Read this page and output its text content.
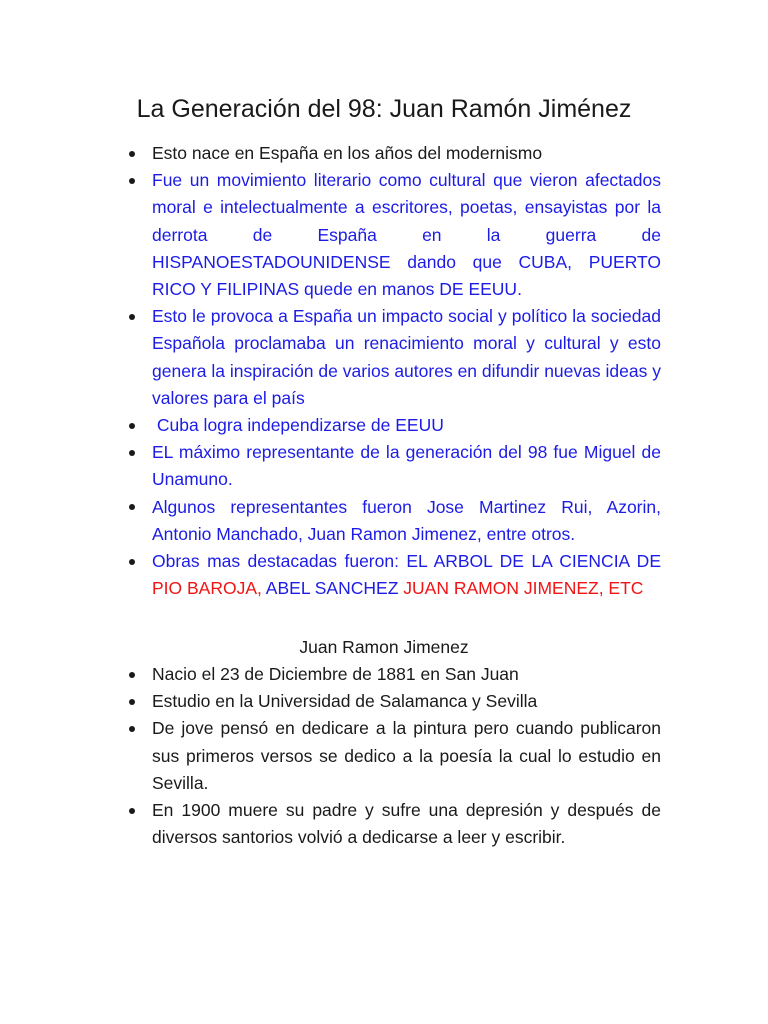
La Generación del 98: Juan Ramón Jiménez
Esto nace en España en los años del modernismo
Fue un movimiento literario como cultural que vieron afectados moral e intelectualmente a escritores, poetas, ensayistas por la derrota de España en la guerra de HISPANOESTADOUNIDENSE dando que CUBA, PUERTO RICO Y FILIPINAS quede en manos DE EEUU.
Esto le provoca a España un impacto social y político la sociedad Española proclamaba un renacimiento moral y cultural y esto genera la inspiración de varios autores en difundir nuevas ideas y valores para el país
Cuba logra independizarse de EEUU
EL máximo representante de la generación del 98 fue Miguel de Unamuno.
Algunos representantes fueron Jose Martinez Rui, Azorin, Antonio Manchado, Juan Ramon Jimenez, entre otros.
Obras mas destacadas fueron: EL ARBOL DE LA CIENCIA DE PIO BAROJA, ABEL SANCHEZ JUAN RAMON JIMENEZ, ETC

Juan Ramon Jimenez

Nacio el 23 de Diciembre de 1881 en San Juan
Estudio en la Universidad de Salamanca y Sevilla
De jove pensó en dedicare a la pintura pero cuando publicaron sus primeros versos se dedico a la poesía la cual lo estudio en Sevilla.
En 1900 muere su padre y sufre una depresión y después de diversos santorios volvió a dedicarse a leer y escribir.
